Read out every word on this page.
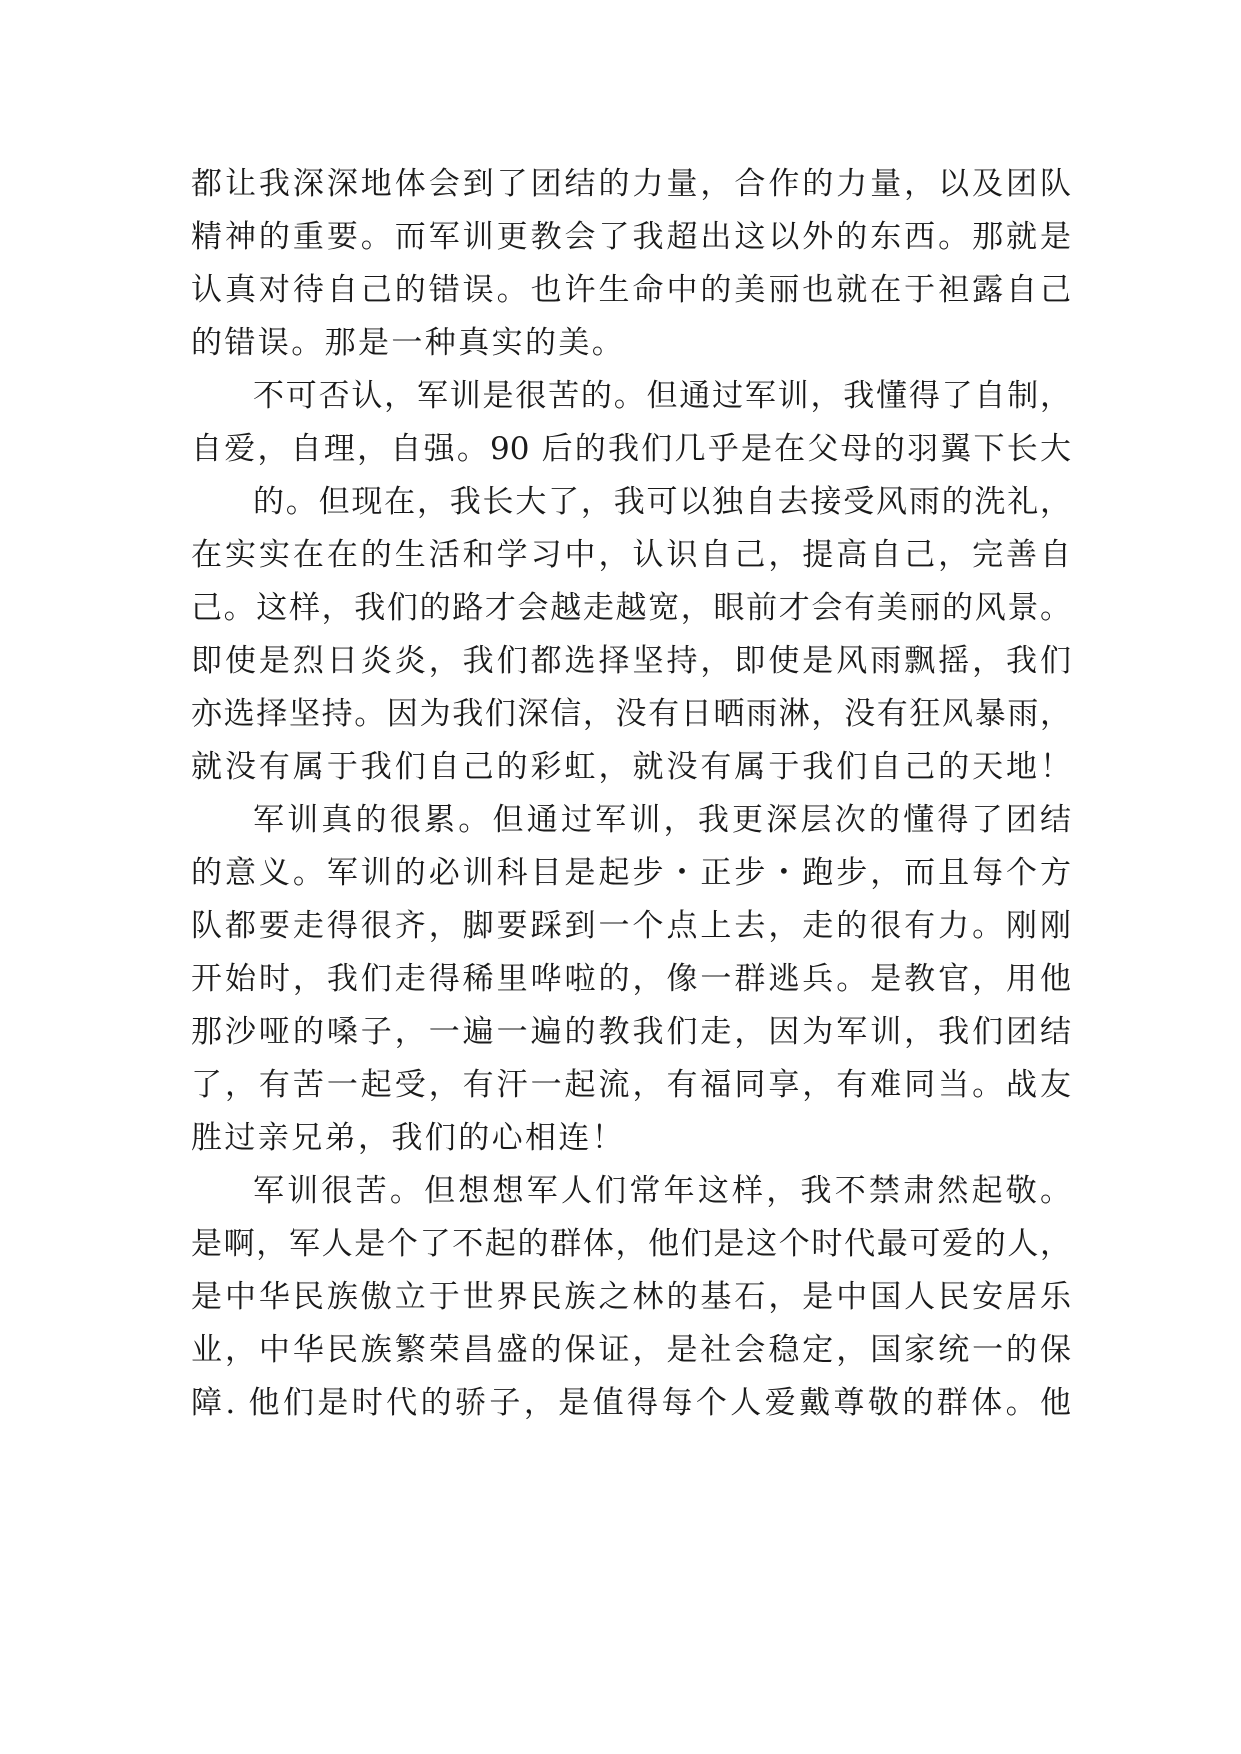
都让我深深地体会到了团结的力量，合作的力量，以及团队
精神的重要。而军训更教会了我超出这以外的东西。那就是
认真对待自己的错误。也许生命中的美丽也就在于袒露自己
的错误。那是一种真实的美。
不可否认，军训是很苦的。但通过军训，我懂得了自制，
自爱，自理，自强。90 后的我们几乎是在父母的羽翼下长大
的。但现在，我长大了，我可以独自去接受风雨的洗礼，
在实实在在的生活和学习中，认识自己，提高自己，完善自
己。这样，我们的路才会越走越宽，眼前才会有美丽的风景。
即使是烈日炎炎，我们都选择坚持，即使是风雨飘摇，我们
亦选择坚持。因为我们深信，没有日晒雨淋，没有狂风暴雨，
就没有属于我们自己的彩虹，就没有属于我们自己的天地！
军训真的很累。但通过军训，我更深层次的懂得了团结
的意义。军训的必训科目是起步・正步・跑步，而且每个方
队都要走得很齐，脚要踩到一个点上去，走的很有力。刚刚
开始时，我们走得稀里哗啦的，像一群逃兵。是教官，用他
那沙哑的嗓子，一遍一遍的教我们走，因为军训，我们团结
了，有苦一起受，有汗一起流，有福同享，有难同当。战友
胜过亲兄弟，我们的心相连！
军训很苦。但想想军人们常年这样，我不禁肃然起敬。
是啊，军人是个了不起的群体，他们是这个时代最可爱的人，
是中华民族傲立于世界民族之林的基石，是中国人民安居乐
业，中华民族繁荣昌盛的保证，是社会稳定，国家统一的保
障. 他们是时代的骄子，是值得每个人爱戴尊敬的群体。他
